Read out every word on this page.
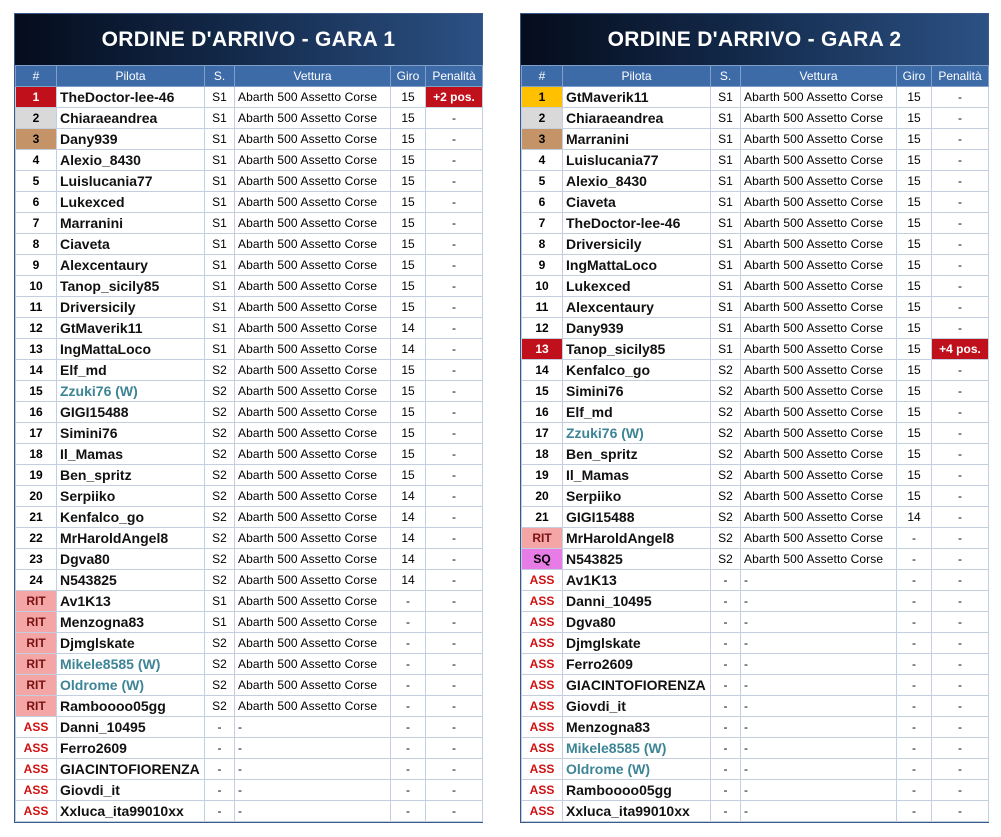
ORDINE D'ARRIVO - GARA 1
#	Pilota	S.	Vettura	Giro	Penalità
1	TheDoctor-lee-46	S1	Abarth 500 Assetto Corse	15	+2 pos.
2	Chiaraeandrea	S1	Abarth 500 Assetto Corse	15	-
3	Dany939	S1	Abarth 500 Assetto Corse	15	-
4	Alexio_8430	S1	Abarth 500 Assetto Corse	15	-
5	Luislucania77	S1	Abarth 500 Assetto Corse	15	-
6	Lukexced	S1	Abarth 500 Assetto Corse	15	-
7	Marranini	S1	Abarth 500 Assetto Corse	15	-
8	Ciaveta	S1	Abarth 500 Assetto Corse	15	-
9	Alexcentaury	S1	Abarth 500 Assetto Corse	15	-
10	Tanop_sicily85	S1	Abarth 500 Assetto Corse	15	-
11	Driversicily	S1	Abarth 500 Assetto Corse	15	-
12	GtMaverik11	S1	Abarth 500 Assetto Corse	14	-
13	IngMattaLoco	S1	Abarth 500 Assetto Corse	14	-
14	Elf_md	S2	Abarth 500 Assetto Corse	15	-
15	Zzuki76 (W)	S2	Abarth 500 Assetto Corse	15	-
16	GIGI15488	S2	Abarth 500 Assetto Corse	15	-
17	Simini76	S2	Abarth 500 Assetto Corse	15	-
18	Il_Mamas	S2	Abarth 500 Assetto Corse	15	-
19	Ben_spritz	S2	Abarth 500 Assetto Corse	15	-
20	Serpiiko	S2	Abarth 500 Assetto Corse	14	-
21	Kenfalco_go	S2	Abarth 500 Assetto Corse	14	-
22	MrHaroldAngel8	S2	Abarth 500 Assetto Corse	14	-
23	Dgva80	S2	Abarth 500 Assetto Corse	14	-
24	N543825	S2	Abarth 500 Assetto Corse	14	-
RIT	Av1K13	S1	Abarth 500 Assetto Corse	-	-
RIT	Menzogna83	S1	Abarth 500 Assetto Corse	-	-
RIT	Djmglskate	S2	Abarth 500 Assetto Corse	-	-
RIT	Mikele8585 (W)	S2	Abarth 500 Assetto Corse	-	-
RIT	Oldrome (W)	S2	Abarth 500 Assetto Corse	-	-
RIT	Ramboooo05gg	S2	Abarth 500 Assetto Corse	-	-
ASS	Danni_10495	-	-	-	-
ASS	Ferro2609	-	-	-	-
ASS	GIACINTOFIORENZA	-	-	-	-
ASS	Giovdi_it	-	-	-	-
ASS	Xxluca_ita99010xx	-	-	-	-
ORDINE D'ARRIVO - GARA 2
#	Pilota	S.	Vettura	Giro	Penalità
1	GtMaverik11	S1	Abarth 500 Assetto Corse	15	-
2	Chiaraeandrea	S1	Abarth 500 Assetto Corse	15	-
3	Marranini	S1	Abarth 500 Assetto Corse	15	-
4	Luislucania77	S1	Abarth 500 Assetto Corse	15	-
5	Alexio_8430	S1	Abarth 500 Assetto Corse	15	-
6	Ciaveta	S1	Abarth 500 Assetto Corse	15	-
7	TheDoctor-lee-46	S1	Abarth 500 Assetto Corse	15	-
8	Driversicily	S1	Abarth 500 Assetto Corse	15	-
9	IngMattaLoco	S1	Abarth 500 Assetto Corse	15	-
10	Lukexced	S1	Abarth 500 Assetto Corse	15	-
11	Alexcentaury	S1	Abarth 500 Assetto Corse	15	-
12	Dany939	S1	Abarth 500 Assetto Corse	15	-
13	Tanop_sicily85	S1	Abarth 500 Assetto Corse	15	+4 pos.
14	Kenfalco_go	S2	Abarth 500 Assetto Corse	15	-
15	Simini76	S2	Abarth 500 Assetto Corse	15	-
16	Elf_md	S2	Abarth 500 Assetto Corse	15	-
17	Zzuki76 (W)	S2	Abarth 500 Assetto Corse	15	-
18	Ben_spritz	S2	Abarth 500 Assetto Corse	15	-
19	Il_Mamas	S2	Abarth 500 Assetto Corse	15	-
20	Serpiiko	S2	Abarth 500 Assetto Corse	15	-
21	GIGI15488	S2	Abarth 500 Assetto Corse	14	-
RIT	MrHaroldAngel8	S2	Abarth 500 Assetto Corse	-	-
SQ	N543825	S2	Abarth 500 Assetto Corse	-	-
ASS	Av1K13	-	-	-	-
ASS	Danni_10495	-	-	-	-
ASS	Dgva80	-	-	-	-
ASS	Djmglskate	-	-	-	-
ASS	Ferro2609	-	-	-	-
ASS	GIACINTOFIORENZA	-	-	-	-
ASS	Giovdi_it	-	-	-	-
ASS	Menzogna83	-	-	-	-
ASS	Mikele8585 (W)	-	-	-	-
ASS	Oldrome (W)	-	-	-	-
ASS	Ramboooo05gg	-	-	-	-
ASS	Xxluca_ita99010xx	-	-	-	-
